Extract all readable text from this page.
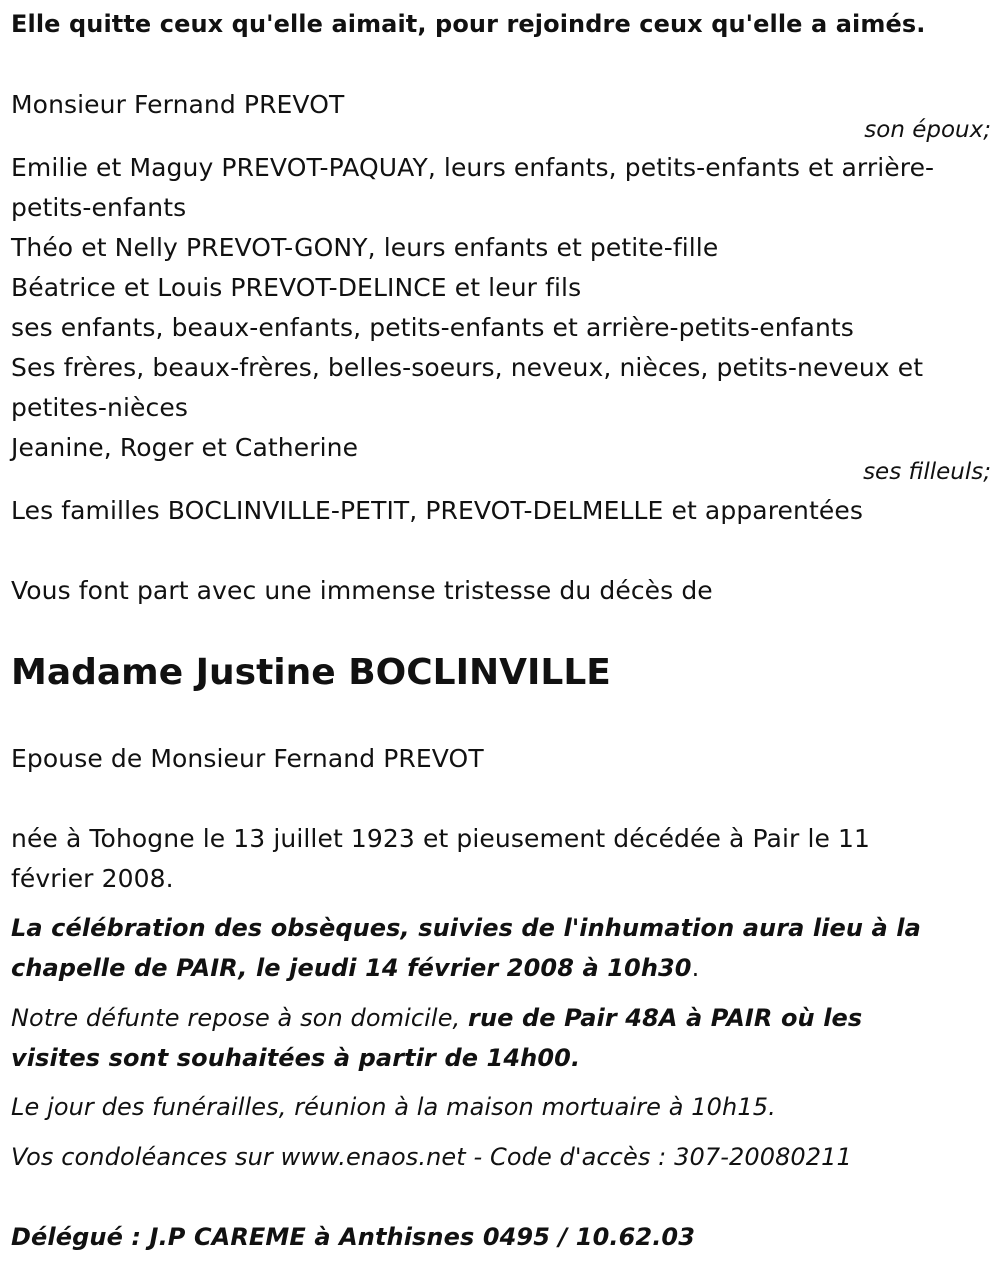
Elle quitte ceux qu'elle aimait, pour rejoindre ceux qu'elle a aimés.
Monsieur Fernand PREVOT
son époux;
Emilie et Maguy PREVOT-PAQUAY, leurs enfants, petits-enfants et arrière-
petits-enfants
Théo et Nelly PREVOT-GONY, leurs enfants et petite-fille
Béatrice et Louis PREVOT-DELINCE et leur fils
ses enfants, beaux-enfants, petits-enfants et arrière-petits-enfants
Ses frères, beaux-frères, belles-soeurs, neveux, nièces, petits-neveux et
petites-nièces
Jeanine, Roger et Catherine
ses filleuls;
Les familles BOCLINVILLE-PETIT, PREVOT-DELMELLE et apparentées
Vous font part avec une immense tristesse du décès de
Madame Justine BOCLINVILLE
Epouse de Monsieur Fernand PREVOT
née à Tohogne le 13 juillet 1923 et pieusement décédée à Pair le 11
février 2008.
La célébration des obsèques, suivies de l'inhumation aura lieu à la
chapelle de PAIR, le jeudi 14 février 2008 à 10h30.
Notre défunte repose à son domicile, rue de Pair 48A à PAIR où les
visites sont souhaitées à partir de 14h00.
Le jour des funérailles, réunion à la maison mortuaire à 10h15.
Vos condoléances sur www.enaos.net - Code d'accès : 307-20080211
Délégué : J.P CAREME à Anthisnes 0495 / 10.62.03
